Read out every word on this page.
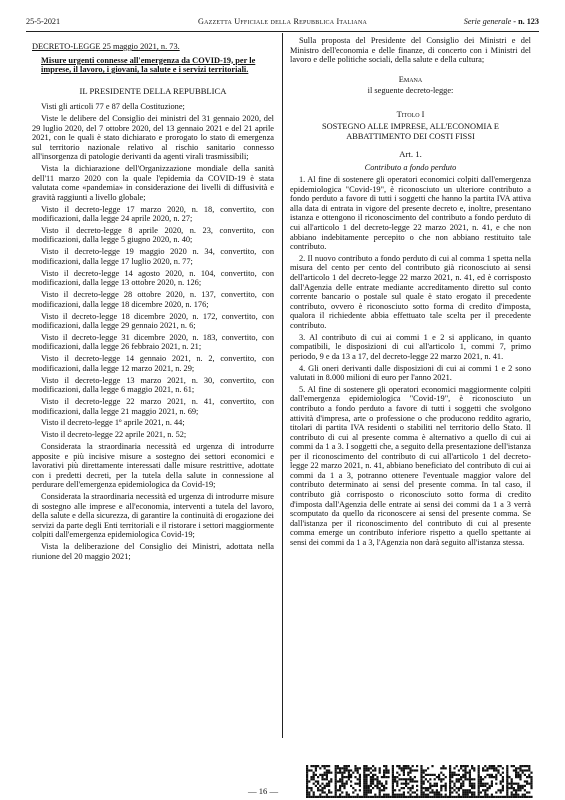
25-5-2021	Gazzetta Ufficiale della Repubblica Italiana	Serie generale - n. 123

DECRETO-LEGGE 25 maggio 2021, n. 73.

Misure urgenti connesse all'emergenza da COVID-19, per le imprese, il lavoro, i giovani, la salute e i servizi territoriali.

IL PRESIDENTE DELLA REPUBBLICA

Visti gli articoli 77 e 87 della Costituzione;

Viste le delibere del Consiglio dei ministri del 31 gennaio 2020, del 29 luglio 2020, del 7 ottobre 2020, del 13 gennaio 2021 e del 21 aprile 2021, con le quali è stato dichiarato e prorogato lo stato di emergenza sul territorio nazionale relativo al rischio sanitario connesso all'insorgenza di patologie derivanti da agenti virali trasmissibili;

Vista la dichiarazione dell'Organizzazione mondiale della sanità dell'11 marzo 2020 con la quale l'epidemia da COVID-19 è stata valutata come «pandemia» in considerazione dei livelli di diffusività e gravità raggiunti a livello globale;

Visto il decreto-legge 17 marzo 2020, n. 18, convertito, con modificazioni, dalla legge 24 aprile 2020, n. 27;

Visto il decreto-legge 8 aprile 2020, n. 23, convertito, con modificazioni, dalla legge 5 giugno 2020, n. 40;

Visto il decreto-legge 19 maggio 2020 n. 34, convertito, con modificazioni, dalla legge 17 luglio 2020, n. 77;

Visto il decreto-legge 14 agosto 2020, n. 104, convertito, con modificazioni, dalla legge 13 ottobre 2020, n. 126;

Visto il decreto-legge 28 ottobre 2020, n. 137, convertito, con modificazioni, dalla legge 18 dicembre 2020, n. 176;

Visto il decreto-legge 18 dicembre 2020, n. 172, convertito, con modificazioni, dalla legge 29 gennaio 2021, n. 6;

Visto il decreto-legge 31 dicembre 2020, n. 183, convertito, con modificazioni, dalla legge 26 febbraio 2021, n. 21;

Visto il decreto-legge 14 gennaio 2021, n. 2, convertito, con modificazioni, dalla legge 12 marzo 2021, n. 29;

Visto il decreto-legge 13 marzo 2021, n. 30, convertito, con modificazioni, dalla legge 6 maggio 2021, n. 61;

Visto il decreto-legge 22 marzo 2021, n. 41, convertito, con modificazioni, dalla legge 21 maggio 2021, n. 69;

Visto il decreto-legge 1º aprile 2021, n. 44;

Visto il decreto-legge 22 aprile 2021, n. 52;

Considerata la straordinaria necessità ed urgenza di introdurre apposite e più incisive misure a sostegno dei settori economici e lavorativi più direttamente interessati dalle misure restrittive, adottate con i predetti decreti, per la tutela della salute in connessione al perdurare dell'emergenza epidemiologica da Covid-19;

Considerata la straordinaria necessità ed urgenza di introdurre misure di sostegno alle imprese e all'economia, interventi a tutela del lavoro, della salute e della sicurezza, di garantire la continuità di erogazione dei servizi da parte degli Enti territoriali e il ristorare i settori maggiormente colpiti dall'emergenza epidemiologica Covid-19;

Vista la deliberazione del Consiglio dei Ministri, adottata nella riunione del 20 maggio 2021;

Sulla proposta del Presidente del Consiglio dei Ministri e del Ministro dell'economia e delle finanze, di concerto con i Ministri del lavoro e delle politiche sociali, della salute e della cultura;

Emana

il seguente decreto-legge:

Titolo I

SOSTEGNO ALLE IMPRESE, ALL'ECONOMIA E ABBATTIMENTO DEI COSTI FISSI

Art. 1.

Contributo a fondo perduto

1. Al fine di sostenere gli operatori economici colpiti dall'emergenza epidemiologica "Covid-19", è riconosciuto un ulteriore contributo a fondo perduto a favore di tutti i soggetti che hanno la partita IVA attiva alla data di entrata in vigore del presente decreto e, inoltre, presentano istanza e ottengono il riconoscimento del contributo a fondo perduto di cui all'articolo 1 del decreto-legge 22 marzo 2021, n. 41, e che non abbiano indebitamente percepito o che non abbiano restituito tale contributo.

2. Il nuovo contributo a fondo perduto di cui al comma 1 spetta nella misura del cento per cento del contributo già riconosciuto ai sensi dell'articolo 1 del decreto-legge 22 marzo 2021, n. 41, ed è corrisposto dall'Agenzia delle entrate mediante accreditamento diretto sul conto corrente bancario o postale sul quale è stato erogato il precedente contributo, ovvero è riconosciuto sotto forma di credito d'imposta, qualora il richiedente abbia effettuato tale scelta per il precedente contributo.

3. Al contributo di cui ai commi 1 e 2 si applicano, in quanto compatibili, le disposizioni di cui all'articolo 1, commi 7, primo periodo, 9 e da 13 a 17, del decreto-legge 22 marzo 2021, n. 41.

4. Gli oneri derivanti dalle disposizioni di cui ai commi 1 e 2 sono valutati in 8.000 milioni di euro per l'anno 2021.

5. Al fine di sostenere gli operatori economici maggiormente colpiti dall'emergenza epidemiologica "Covid-19", è riconosciuto un contributo a fondo perduto a favore di tutti i soggetti che svolgono attività d'impresa, arte o professione o che producono reddito agrario, titolari di partita IVA residenti o stabiliti nel territorio dello Stato. Il contributo di cui al presente comma è alternativo a quello di cui ai commi da 1 a 3. I soggetti che, a seguito della presentazione dell'istanza per il riconoscimento del contributo di cui all'articolo 1 del decreto-legge 22 marzo 2021, n. 41, abbiano beneficiato del contributo di cui ai commi da 1 a 3, potranno ottenere l'eventuale maggior valore del contributo determinato ai sensi del presente comma. In tal caso, il contributo già corrisposto o riconosciuto sotto forma di credito d'imposta dall'Agenzia delle entrate ai sensi dei commi da 1 a 3 verrà scomputato da quello da riconoscere ai sensi del presente comma. Se dall'istanza per il riconoscimento del contributo di cui al presente comma emerge un contributo inferiore rispetto a quello spettante ai sensi dei commi da 1 a 3, l'Agenzia non darà seguito all'istanza stessa.

— 16 —
